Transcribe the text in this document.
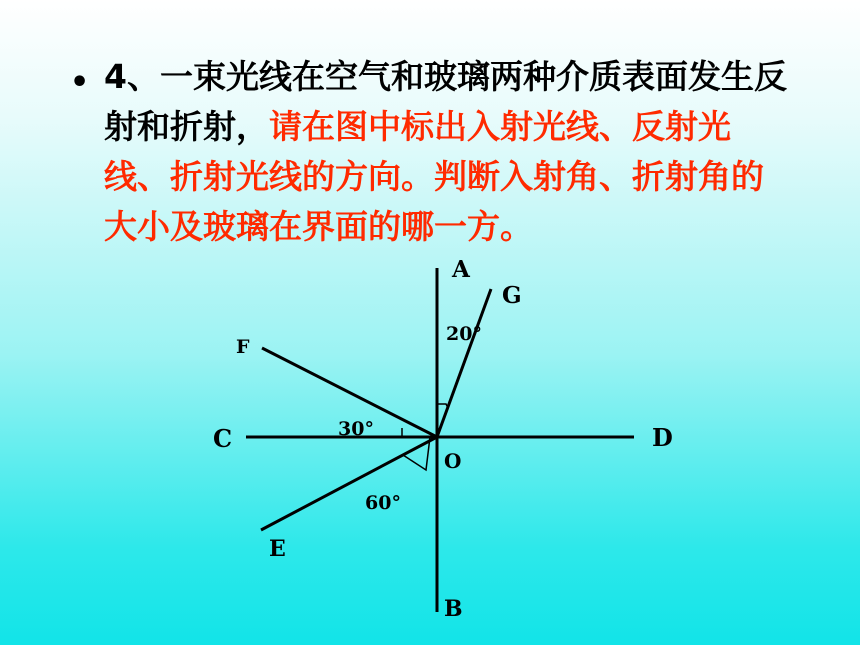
• 4、一束光线在空气和玻璃两种介质表面发生反射和折射，请在图中标出入射光线、反射光线、折射光线的方向。判断入射角、折射角的大小及玻璃在界面的哪一方。
A
G
F
C	D
O
E
B
20°
30°
60°
